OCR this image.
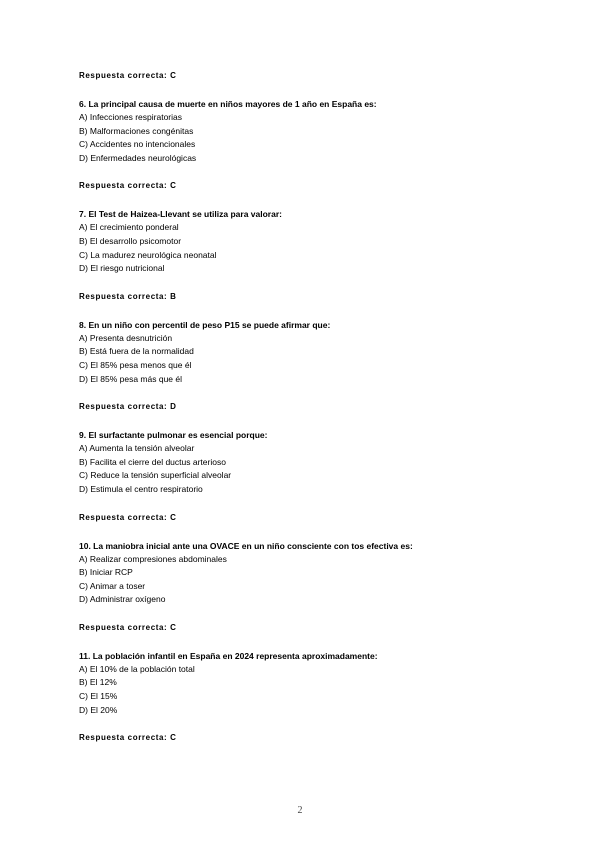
Respuesta correcta: C
6. La principal causa de muerte en niños mayores de 1 año en España es:
A) Infecciones respiratorias
B) Malformaciones congénitas
C) Accidentes no intencionales
D) Enfermedades neurológicas
Respuesta correcta: C
7. El Test de Haizea-Llevant se utiliza para valorar:
A) El crecimiento ponderal
B) El desarrollo psicomotor
C) La madurez neurológica neonatal
D) El riesgo nutricional
Respuesta correcta: B
8. En un niño con percentil de peso P15 se puede afirmar que:
A) Presenta desnutrición
B) Está fuera de la normalidad
C) El 85% pesa menos que él
D) El 85% pesa más que él
Respuesta correcta: D
9. El surfactante pulmonar es esencial porque:
A) Aumenta la tensión alveolar
B) Facilita el cierre del ductus arterioso
C) Reduce la tensión superficial alveolar
D) Estimula el centro respiratorio
Respuesta correcta: C
10. La maniobra inicial ante una OVACE en un niño consciente con tos efectiva es:
A) Realizar compresiones abdominales
B) Iniciar RCP
C) Animar a toser
D) Administrar oxígeno
Respuesta correcta: C
11. La población infantil en España en 2024 representa aproximadamente:
A) El 10% de la población total
B) El 12%
C) El 15%
D) El 20%
Respuesta correcta: C
2
